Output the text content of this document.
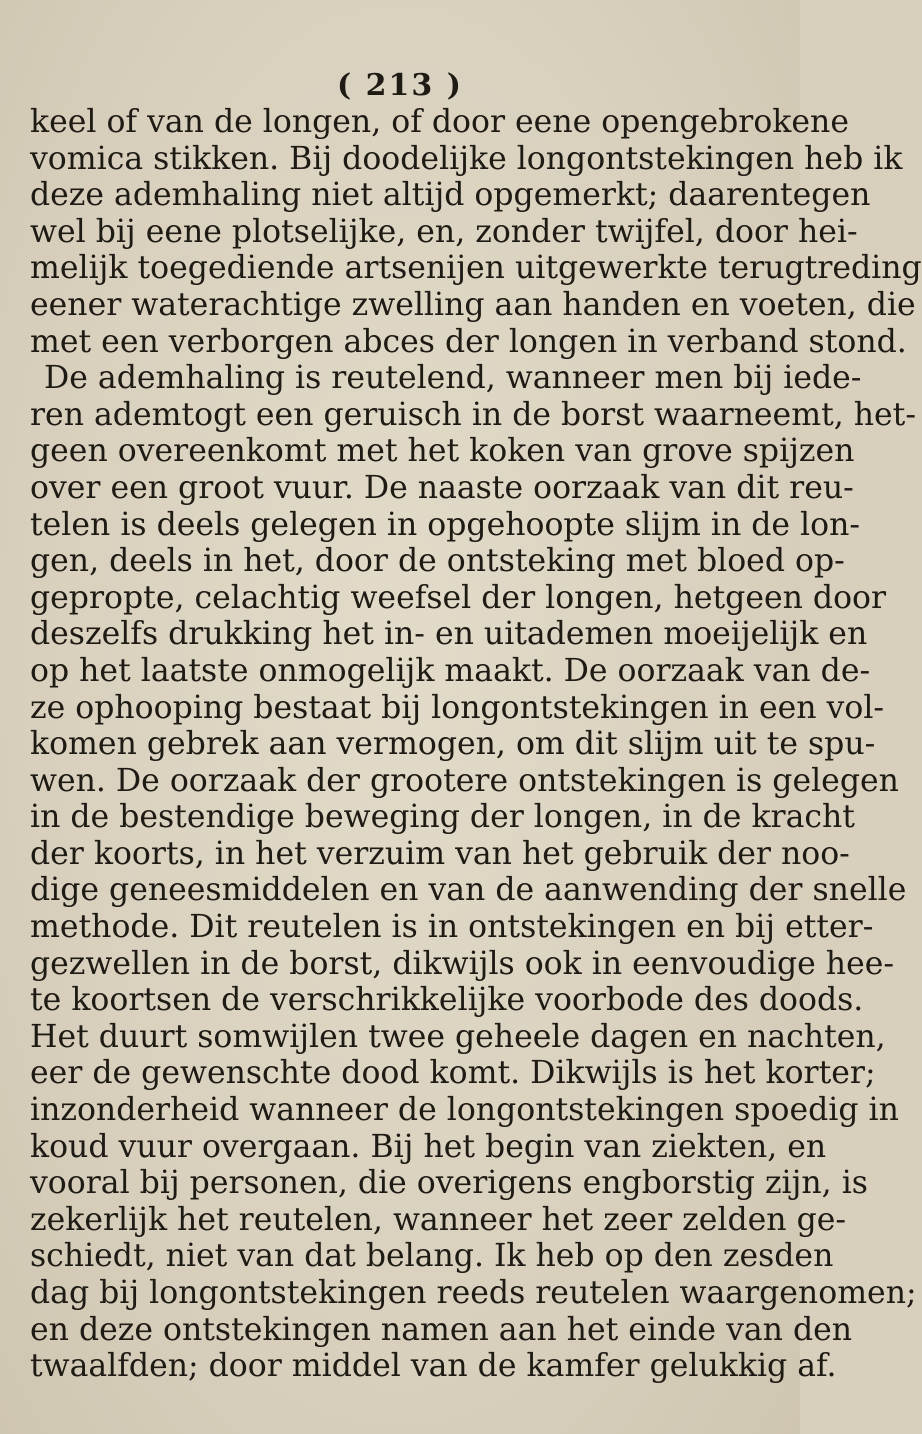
( 213 )
keel of van de longen, of door eene opengebrokene
vomica stikken. Bij doodelijke longontstekingen heb ik
deze ademhaling niet altijd opgemerkt; daarentegen
wel bij eene plotselijke, en, zonder twijfel, door hei-
melijk toegediende artsenijen uitgewerkte terugtreding
eener waterachtige zwelling aan handen en voeten, die
met een verborgen abces der longen in verband stond.
De ademhaling is reutelend, wanneer men bij iede-
ren ademtogt een geruisch in de borst waarneemt, het-
geen overeenkomt met het koken van grove spijzen
over een groot vuur. De naaste oorzaak van dit reu-
telen is deels gelegen in opgehoopte slijm in de lon-
gen, deels in het, door de ontsteking met bloed op-
gepropte, celachtig weefsel der longen, hetgeen door
deszelfs drukking het in- en uitademen moeijelijk en
op het laatste onmogelijk maakt. De oorzaak van de-
ze ophooping bestaat bij longontstekingen in een vol-
komen gebrek aan vermogen, om dit slijm uit te spu-
wen. De oorzaak der grootere ontstekingen is gelegen
in de bestendige beweging der longen, in de kracht
der koorts, in het verzuim van het gebruik der noo-
dige geneesmiddelen en van de aanwending der snelle
methode. Dit reutelen is in ontstekingen en bij etter-
gezwellen in de borst, dikwijls ook in eenvoudige hee-
te koortsen de verschrikkelijke voorbode des doods.
Het duurt somwijlen twee geheele dagen en nachten,
eer de gewenschte dood komt. Dikwijls is het korter;
inzonderheid wanneer de longontstekingen spoedig in
koud vuur overgaan. Bij het begin van ziekten, en
vooral bij personen, die overigens engborstig zijn, is
zekerlijk het reutelen, wanneer het zeer zelden ge-
schiedt, niet van dat belang. Ik heb op den zesden
dag bij longontstekingen reeds reutelen waargenomen;
en deze ontstekingen namen aan het einde van den
twaalfden; door middel van de kamfer gelukkig af.
